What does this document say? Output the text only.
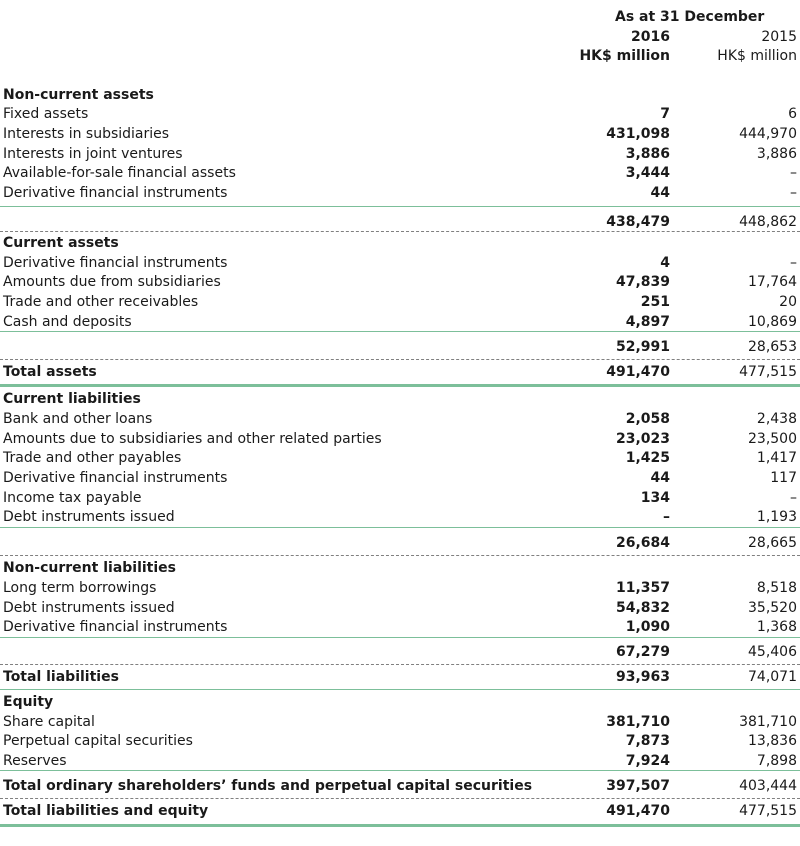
As at 31 December
2016	2015
HK$ million	HK$ million
Non-current assets
Fixed assets	7	6
Interests in subsidiaries	431,098	444,970
Interests in joint ventures	3,886	3,886
Available-for-sale financial assets	3,444	–
Derivative financial instruments	44	–
438,479	448,862
Current assets
Derivative financial instruments	4	–
Amounts due from subsidiaries	47,839	17,764
Trade and other receivables	251	20
Cash and deposits	4,897	10,869
52,991	28,653
Total assets	491,470	477,515
Current liabilities
Bank and other loans	2,058	2,438
Amounts due to subsidiaries and other related parties	23,023	23,500
Trade and other payables	1,425	1,417
Derivative financial instruments	44	117
Income tax payable	134	–
Debt instruments issued	–	1,193
26,684	28,665
Non-current liabilities
Long term borrowings	11,357	8,518
Debt instruments issued	54,832	35,520
Derivative financial instruments	1,090	1,368
67,279	45,406
Total liabilities	93,963	74,071
Equity
Share capital	381,710	381,710
Perpetual capital securities	7,873	13,836
Reserves	7,924	7,898
Total ordinary shareholders’ funds and perpetual capital securities	397,507	403,444
Total liabilities and equity	491,470	477,515
